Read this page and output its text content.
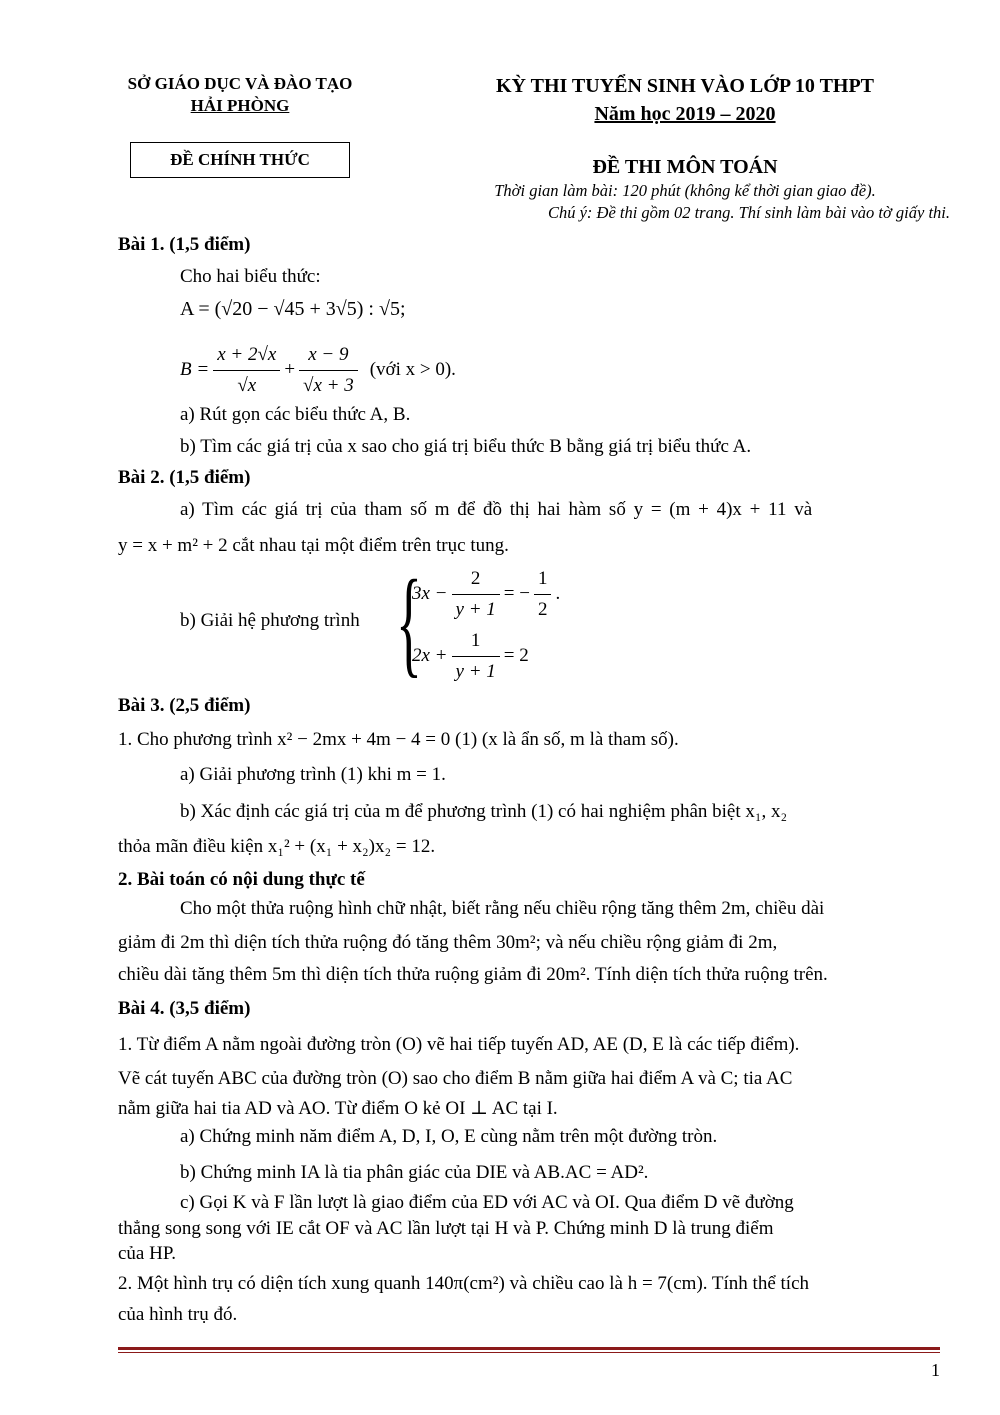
SỞ GIÁO DỤC VÀ ĐÀO TẠO
HẢI PHÒNG
ĐỀ CHÍNH THỨC
KỲ THI TUYỂN SINH VÀO LỚP 10 THPT
Năm học 2019 – 2020
ĐỀ THI MÔN TOÁN
Thời gian làm bài: 120 phút (không kể thời gian giao đề).
Chú ý: Đề thi gồm 02 trang. Thí sinh làm bài vào tờ giấy thi.
Bài 1. (1,5 điểm)
Cho hai biểu thức:
A = (√20 − √45 + 3√5) : √5;
$B = \frac{x + 2√x}{√x} + \frac{x - 9}{√x + 3}$ (với x > 0).
a) Rút gọn các biểu thức A, B.
b) Tìm các giá trị của x sao cho giá trị biểu thức B bằng giá trị biểu thức A.
Bài 2. (1,5 điểm)
a) Tìm các giá trị của tham số m để đồ thị hai hàm số y = (m + 4)x + 11 và
y = x + m² + 2 cắt nhau tại một điểm trên trục tung.
b) Giải hệ phương trình {
$3x - \frac{2}{y + 1}$ = − $\frac{1}{2}$ .
$2x + \frac{1}{y + 1} = 2$
Bài 3. (2,5 điểm)
1. Cho phương trình x² − 2mx + 4m − 4 = 0 (1) (x là ẩn số, m là tham số).
a) Giải phương trình (1) khi m = 1.
b) Xác định các giá trị của m để phương trình (1) có hai nghiệm phân biệt x₁, x₂
thỏa mãn điều kiện x₁² + (x₁ + x₂)x₂ = 12.
2. Bài toán có nội dung thực tế
Cho một thửa ruộng hình chữ nhật, biết rằng nếu chiều rộng tăng thêm 2m, chiều dài
giảm đi 2m thì diện tích thửa ruộng đó tăng thêm 30m²; và nếu chiều rộng giảm đi 2m,
chiều dài tăng thêm 5m thì diện tích thửa ruộng giảm đi 20m². Tính diện tích thửa ruộng trên.
Bài 4. (3,5 điểm)
1. Từ điểm A nằm ngoài đường tròn (O) vẽ hai tiếp tuyến AD, AE (D, E là các tiếp điểm).
Vẽ cát tuyến ABC của đường tròn (O) sao cho điểm B nằm giữa hai điểm A và C; tia AC
nằm giữa hai tia AD và AO. Từ điểm O kẻ OI ⊥ AC tại I.
a) Chứng minh năm điểm A, D, I, O, E cùng nằm trên một đường tròn.
b) Chứng minh IA là tia phân giác của DIE và AB.AC = AD².
c) Gọi K và F lần lượt là giao điểm của ED với AC và OI. Qua điểm D vẽ đường
thẳng song song với IE cắt OF và AC lần lượt tại H và P. Chứng minh D là trung điểm
của HP.
2. Một hình trụ có diện tích xung quanh 140π(cm²) và chiều cao là h = 7(cm). Tính thể tích
của hình trụ đó.
1
